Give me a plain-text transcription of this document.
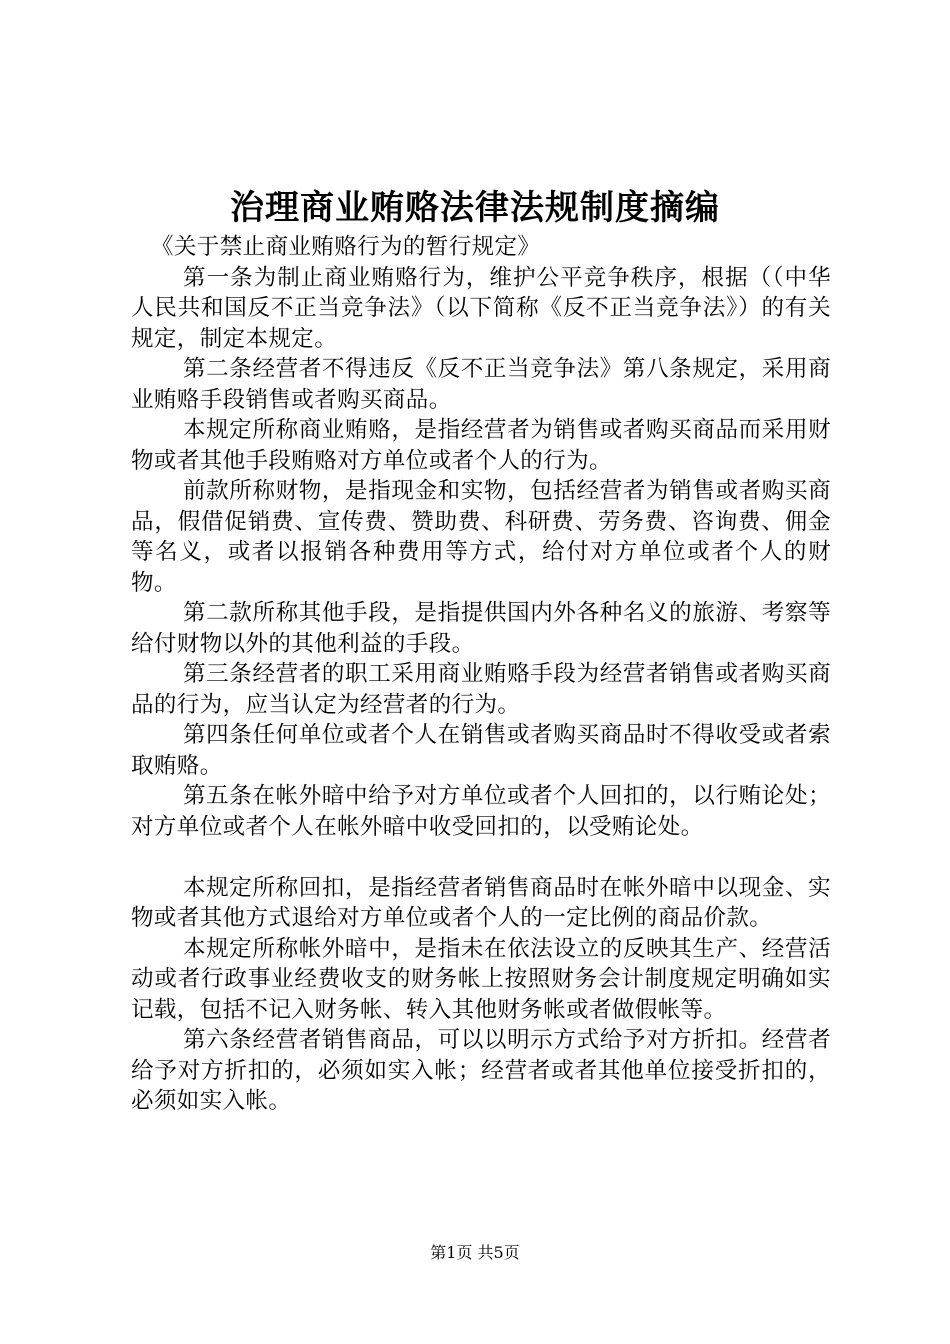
治理商业贿赂法律法规制度摘编

《关于禁止商业贿赂行为的暂行规定》

第一条为制止商业贿赂行为，维护公平竞争秩序，根据（（中华人民共和国反不正当竞争法》（以下简称《反不正当竞争法》）的有关规定，制定本规定。

第二条经营者不得违反《反不正当竞争法》第八条规定，采用商业贿赂手段销售或者购买商品。

本规定所称商业贿赂，是指经营者为销售或者购买商品而采用财物或者其他手段贿赂对方单位或者个人的行为。

前款所称财物，是指现金和实物，包括经营者为销售或者购买商品，假借促销费、宣传费、赞助费、科研费、劳务费、咨询费、佣金等名义，或者以报销各种费用等方式，给付对方单位或者个人的财物。

第二款所称其他手段，是指提供国内外各种名义的旅游、考察等给付财物以外的其他利益的手段。

第三条经营者的职工采用商业贿赂手段为经营者销售或者购买商品的行为，应当认定为经营者的行为。

第四条任何单位或者个人在销售或者购买商品时不得收受或者索取贿赂。

第五条在帐外暗中给予对方单位或者个人回扣的，以行贿论处；对方单位或者个人在帐外暗中收受回扣的，以受贿论处。

本规定所称回扣，是指经营者销售商品时在帐外暗中以现金、实物或者其他方式退给对方单位或者个人的一定比例的商品价款。

本规定所称帐外暗中，是指未在依法设立的反映其生产、经营活动或者行政事业经费收支的财务帐上按照财务会计制度规定明确如实记载，包括不记入财务帐、转入其他财务帐或者做假帐等。

第六条经营者销售商品，可以以明示方式给予对方折扣。经营者给予对方折扣的，必须如实入帐；经营者或者其他单位接受折扣的，必须如实入帐。

第1页 共5页
